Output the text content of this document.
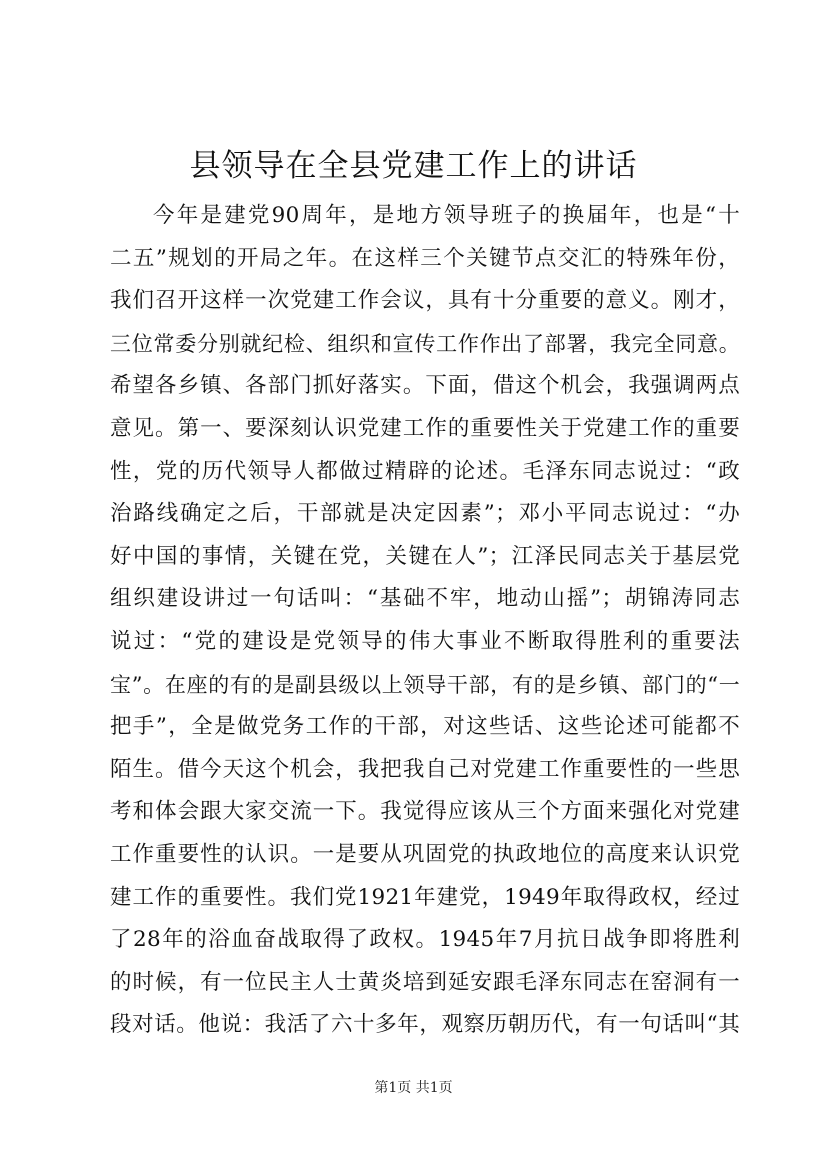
县领导在全县党建工作上的讲话
今年是建党90周年，是地方领导班子的换届年，也是“十
二五”规划的开局之年。在这样三个关键节点交汇的特殊年份，
我们召开这样一次党建工作会议，具有十分重要的意义。刚才，
三位常委分别就纪检、组织和宣传工作作出了部署，我完全同意。
希望各乡镇、各部门抓好落实。下面，借这个机会，我强调两点
意见。第一、要深刻认识党建工作的重要性关于党建工作的重要
性，党的历代领导人都做过精辟的论述。毛泽东同志说过：“政
治路线确定之后，干部就是决定因素”；邓小平同志说过：“办
好中国的事情，关键在党，关键在人”；江泽民同志关于基层党
组织建设讲过一句话叫：“基础不牢，地动山摇”；胡锦涛同志
说过：“党的建设是党领导的伟大事业不断取得胜利的重要法
宝”。在座的有的是副县级以上领导干部，有的是乡镇、部门的“一
把手”，全是做党务工作的干部，对这些话、这些论述可能都不
陌生。借今天这个机会，我把我自己对党建工作重要性的一些思
考和体会跟大家交流一下。我觉得应该从三个方面来强化对党建
工作重要性的认识。一是要从巩固党的执政地位的高度来认识党
建工作的重要性。我们党1921年建党，1949年取得政权，经过
了28年的浴血奋战取得了政权。1945年7月抗日战争即将胜利
的时候，有一位民主人士黄炎培到延安跟毛泽东同志在窑洞有一
段对话。他说：我活了六十多年，观察历朝历代，有一句话叫“其
第1页 共1页
